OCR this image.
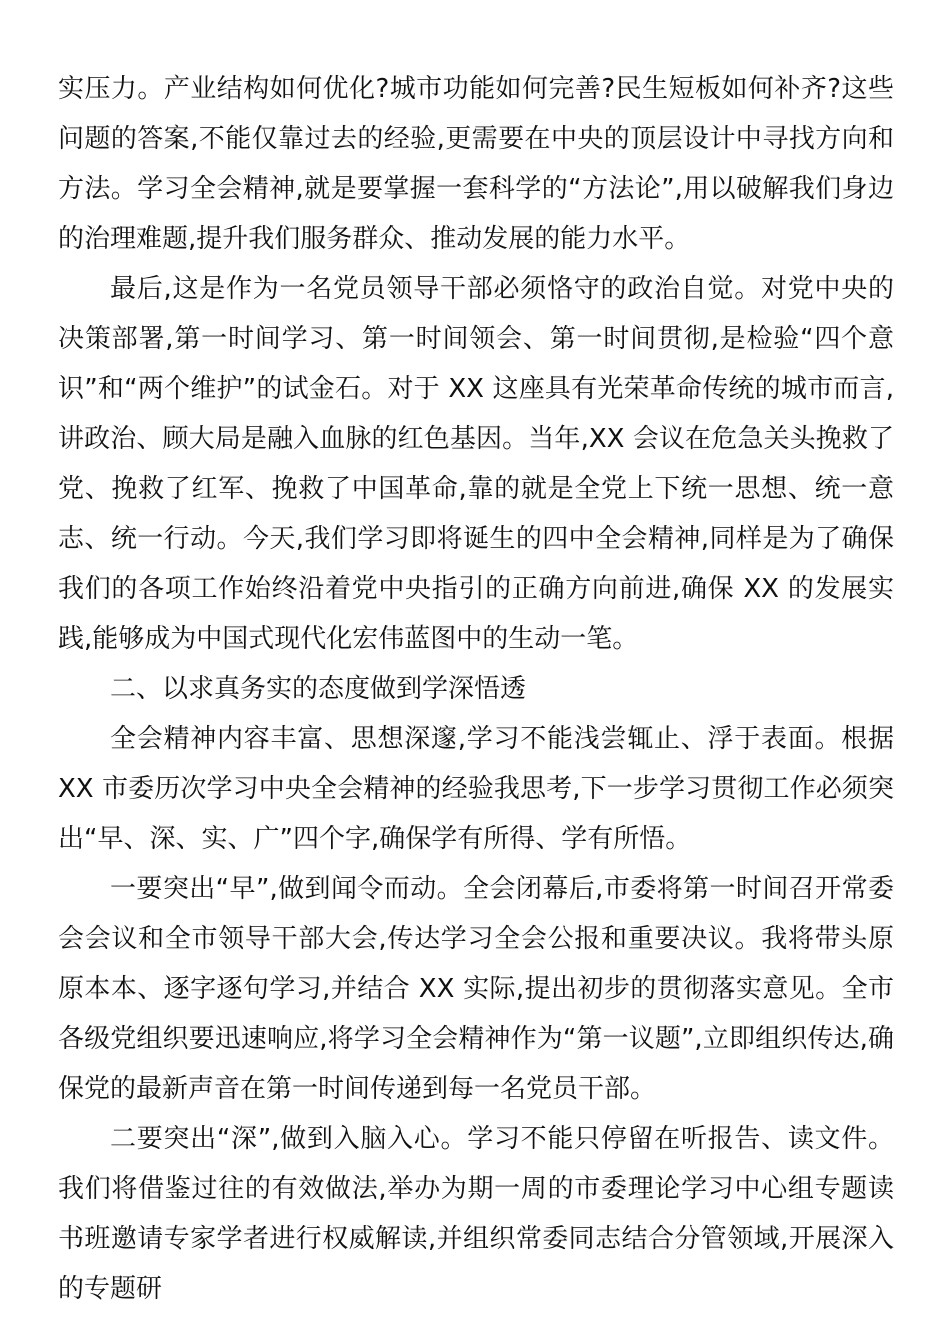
实压力。产业结构如何优化?城市功能如何完善?民生短板如何补齐?这些问题的答案,不能仅靠过去的经验,更需要在中央的顶层设计中寻找方向和方法。学习全会精神,就是要掌握一套科学的“方法论”,用以破解我们身边的治理难题,提升我们服务群众、推动发展的能力水平。

最后,这是作为一名党员领导干部必须恪守的政治自觉。对党中央的决策部署,第一时间学习、第一时间领会、第一时间贯彻,是检验“四个意识”和“两个维护”的试金石。对于 XX 这座具有光荣革命传统的城市而言,讲政治、顾大局是融入血脉的红色基因。当年,XX 会议在危急关头挽救了党、挽救了红军、挽救了中国革命,靠的就是全党上下统一思想、统一意志、统一行动。今天,我们学习即将诞生的四中全会精神,同样是为了确保我们的各项工作始终沿着党中央指引的正确方向前进,确保 XX 的发展实践,能够成为中国式现代化宏伟蓝图中的生动一笔。

二、以求真务实的态度做到学深悟透

全会精神内容丰富、思想深邃,学习不能浅尝辄止、浮于表面。根据 XX 市委历次学习中央全会精神的经验我思考,下一步学习贯彻工作必须突出“早、深、实、广”四个字,确保学有所得、学有所悟。

一要突出“早”,做到闻令而动。全会闭幕后,市委将第一时间召开常委会会议和全市领导干部大会,传达学习全会公报和重要决议。我将带头原原本本、逐字逐句学习,并结合 XX 实际,提出初步的贯彻落实意见。全市各级党组织要迅速响应,将学习全会精神作为“第一议题”,立即组织传达,确保党的最新声音在第一时间传递到每一名党员干部。

二要突出“深”,做到入脑入心。学习不能只停留在听报告、读文件。我们将借鉴过往的有效做法,举办为期一周的市委理论学习中心组专题读书班邀请专家学者进行权威解读,并组织常委同志结合分管领域,开展深入的专题研
